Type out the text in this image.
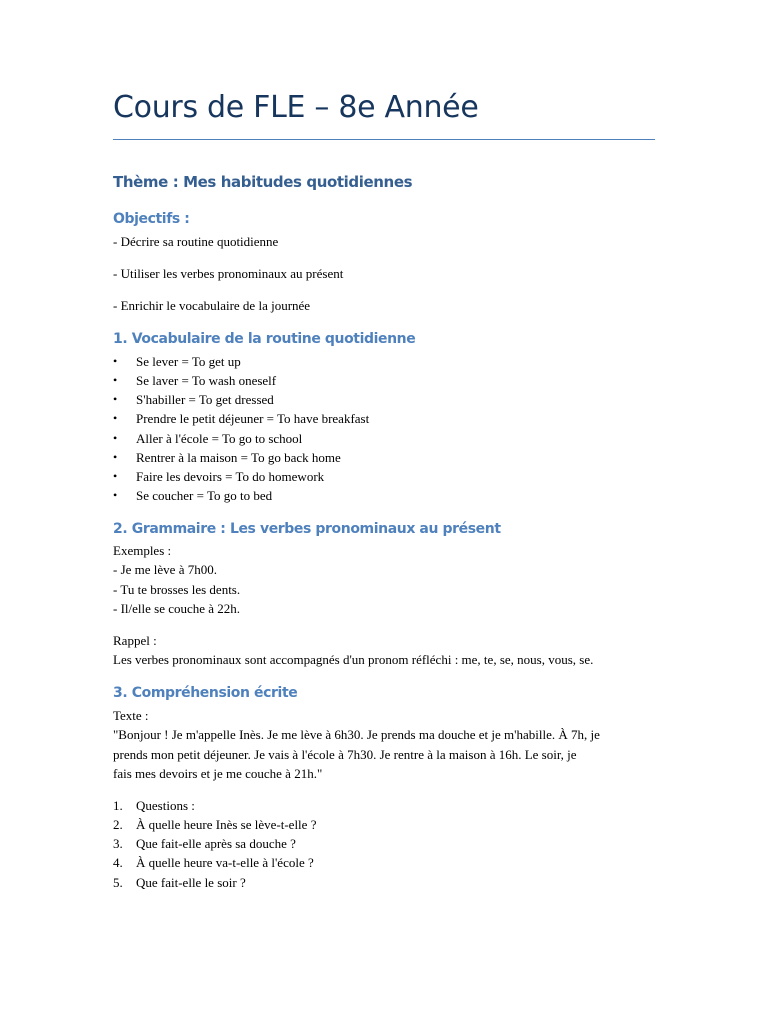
Cours de FLE – 8e Année
Thème : Mes habitudes quotidiennes
Objectifs :
- Décrire sa routine quotidienne
- Utiliser les verbes pronominaux au présent
- Enrichir le vocabulaire de la journée
1. Vocabulaire de la routine quotidienne
• Se lever = To get up
• Se laver = To wash oneself
• S'habiller = To get dressed
• Prendre le petit déjeuner = To have breakfast
• Aller à l'école = To go to school
• Rentrer à la maison = To go back home
• Faire les devoirs = To do homework
• Se coucher = To go to bed
2. Grammaire : Les verbes pronominaux au présent
Exemples :
- Je me lève à 7h00.
- Tu te brosses les dents.
- Il/elle se couche à 22h.
Rappel :
Les verbes pronominaux sont accompagnés d'un pronom réfléchi : me, te, se, nous, vous, se.
3. Compréhension écrite
Texte :
"Bonjour ! Je m'appelle Inès. Je me lève à 6h30. Je prends ma douche et je m'habille. À 7h, je
prends mon petit déjeuner. Je vais à l'école à 7h30. Je rentre à la maison à 16h. Le soir, je
fais mes devoirs et je me couche à 21h."
1. Questions :
2. À quelle heure Inès se lève-t-elle ?
3. Que fait-elle après sa douche ?
4. À quelle heure va-t-elle à l'école ?
5. Que fait-elle le soir ?
